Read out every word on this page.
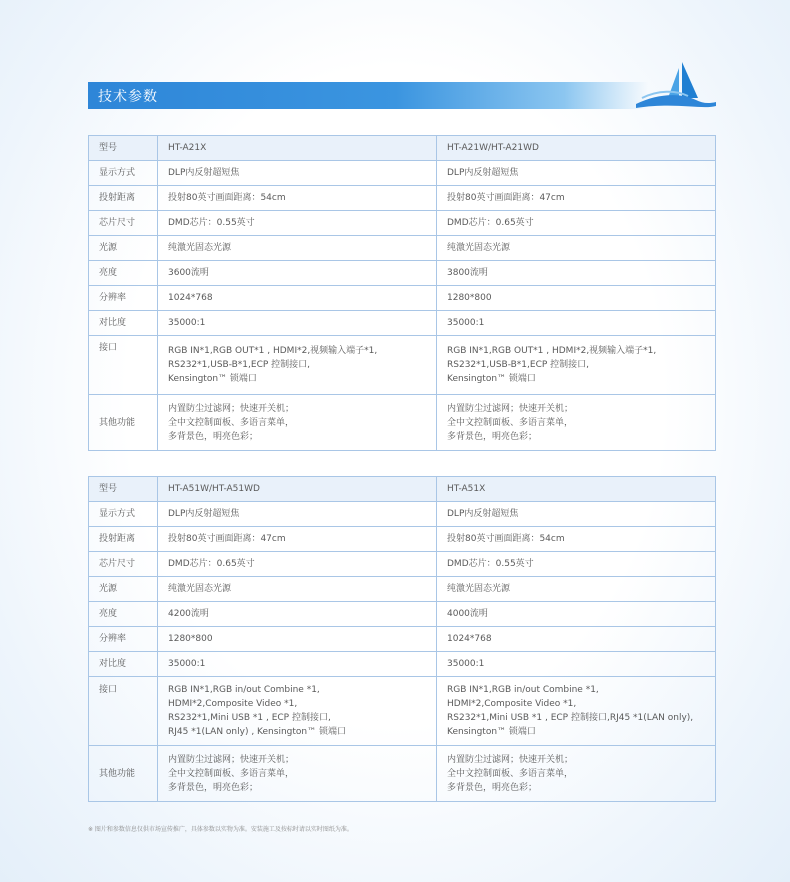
技术参数
型号	HT-A21X	HT-A21W/HT-A21WD
显示方式	DLP内反射超短焦	DLP内反射超短焦
投射距离	投射80英寸画面距离：54cm	投射80英寸画面距离：47cm
芯片尺寸	DMD芯片：0.55英寸	DMD芯片：0.65英寸
光源	纯激光固态光源	纯激光固态光源
亮度	3600流明	3800流明
分辨率	1024*768	1280*800
对比度	35000:1	35000:1
接口	RGB IN*1,RGB OUT*1 , HDMI*2,视频输入端子*1,
RS232*1,USB-B*1,ECP 控制接口,
Kensington™ 锁端口	RGB IN*1,RGB OUT*1 , HDMI*2,视频输入端子*1,
RS232*1,USB-B*1,ECP 控制接口,
Kensington™ 锁端口
其他功能	内置防尘过滤网；快速开关机；
全中文控制面板、多语言菜单，
多背景色，明亮色彩；	内置防尘过滤网；快速开关机；
全中文控制面板、多语言菜单，
多背景色，明亮色彩；
型号	HT-A51W/HT-A51WD	HT-A51X
显示方式	DLP内反射超短焦	DLP内反射超短焦
投射距离	投射80英寸画面距离：47cm	投射80英寸画面距离：54cm
芯片尺寸	DMD芯片：0.65英寸	DMD芯片：0.55英寸
光源	纯激光固态光源	纯激光固态光源
亮度	4200流明	4000流明
分辨率	1280*800	1024*768
对比度	35000:1	35000:1
接口	RGB IN*1,RGB in/out Combine *1,
HDMI*2,Composite Video *1,
RS232*1,Mini USB *1 , ECP 控制接口,
RJ45 *1(LAN only) , Kensington™ 锁端口	RGB IN*1,RGB in/out Combine *1,
HDMI*2,Composite Video *1,
RS232*1,Mini USB *1 , ECP 控制接口,RJ45 *1(LAN only),
Kensington™ 锁端口
其他功能	内置防尘过滤网；快速开关机；
全中文控制面板、多语言菜单，
多背景色，明亮色彩；	内置防尘过滤网；快速开关机；
全中文控制面板、多语言菜单，
多背景色，明亮色彩；
※ 图片和参数信息仅供市场宣传推广，具体参数以实物为准。安装施工及按标时请以实时图纸为准。
